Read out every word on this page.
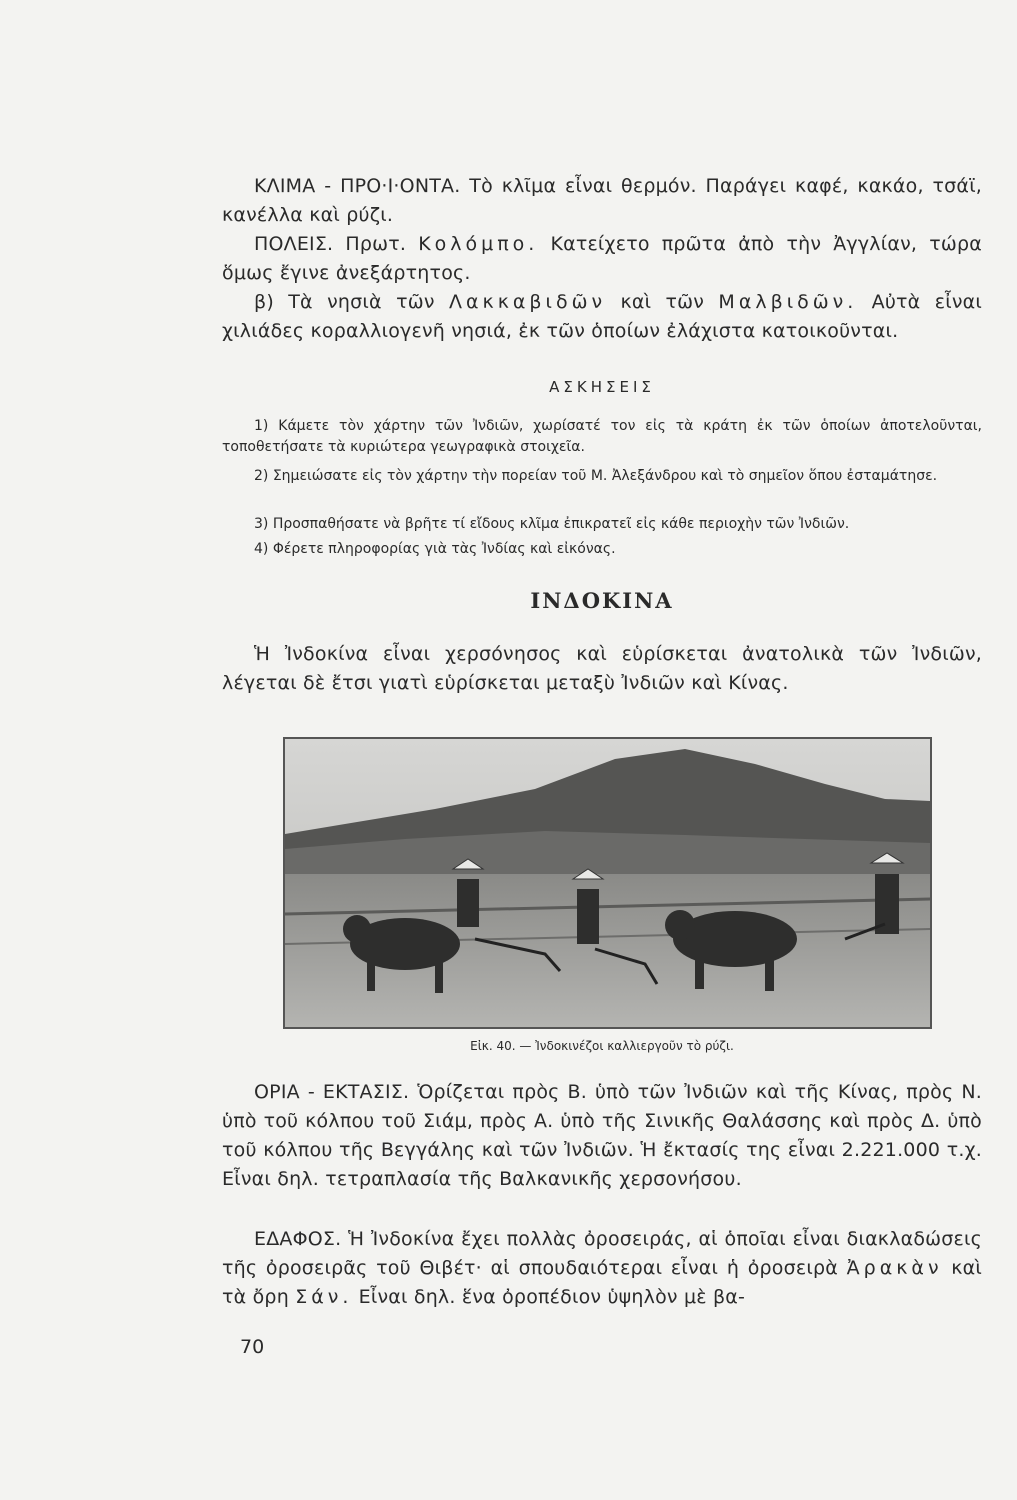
ΚΛΙΜΑ - ΠΡΟ·Ι·ΟΝΤΑ. Τὸ κλῖμα εἶναι θερμόν. Παράγει καφέ, κακάο, τσάϊ, κανέλλα καὶ ρύζι.

ΠΟΛΕΙΣ. Πρωτ. Κολόμπο. Κατείχετο πρῶτα ἀπὸ τὴν Ἀγγλίαν, τώρα ὅμως ἔγινε ἀνεξάρτητος.

β) Τὰ νησιὰ τῶν Λακκαβιδῶν καὶ τῶν Μαλβιδῶν. Αὐτὰ εἶναι χιλιάδες κοραλλιογενῆ νησιά, ἐκ τῶν ὁποίων ἐλάχιστα κατοικοῦνται.

ΑΣΚΗΣΕΙΣ

1) Κάμετε τὸν χάρτην τῶν Ἰνδιῶν, χωρίσατέ τον εἰς τὰ κράτη ἐκ τῶν ὁποίων ἀποτελοῦνται, τοποθετήσατε τὰ κυριώτερα γεωγραφικὰ στοιχεῖα.

2) Σημειώσατε εἰς τὸν χάρτην τὴν πορείαν τοῦ Μ. Ἀλεξάνδρου καὶ τὸ σημεῖον ὅπου ἐσταμάτησε.

3) Προσπαθήσατε νὰ βρῆτε τί εἴδους κλῖμα ἐπικρατεῖ εἰς κάθε περιοχὴν τῶν Ἰνδιῶν.

4) Φέρετε πληροφορίας γιὰ τὰς Ἰνδίας καὶ εἰκόνας.

ΙΝΔΟΚΙΝΑ

Ἡ Ἰνδοκίνα εἶναι χερσόνησος καὶ εὑρίσκεται ἀνατολικὰ τῶν Ἰνδιῶν, λέγεται δὲ ἔτσι γιατὶ εὑρίσκεται μεταξὺ Ἰνδιῶν καὶ Κίνας.

Εἰκ. 40. — Ἰνδοκινέζοι καλλιεργοῦν τὸ ρύζι.

ΟΡΙΑ - ΕΚΤΑΣΙΣ. Ὁρίζεται πρὸς Β. ὑπὸ τῶν Ἰνδιῶν καὶ τῆς Κίνας, πρὸς Ν. ὑπὸ τοῦ κόλπου τοῦ Σιάμ, πρὸς Α. ὑπὸ τῆς Σινικῆς Θαλάσσης καὶ πρὸς Δ. ὑπὸ τοῦ κόλπου τῆς Βεγγάλης καὶ τῶν Ἰνδιῶν. Ἡ ἔκτασίς της εἶναι 2.221.000 τ.χ. Εἶναι δηλ. τετραπλασία τῆς Βαλκανικῆς χερσονήσου.

ΕΔΑΦΟΣ. Ἡ Ἰνδοκίνα ἔχει πολλὰς ὀροσειράς, αἱ ὁποῖαι εἶναι διακλαδώσεις τῆς ὀροσειρᾶς τοῦ Θιβέτ· αἱ σπουδαιότεραι εἶναι ἡ ὀροσειρὰ Ἀρακὰν καὶ τὰ ὄρη Σάν. Εἶναι δηλ. ἕνα ὀροπέδιον ὑψηλὸν μὲ βα-

70
